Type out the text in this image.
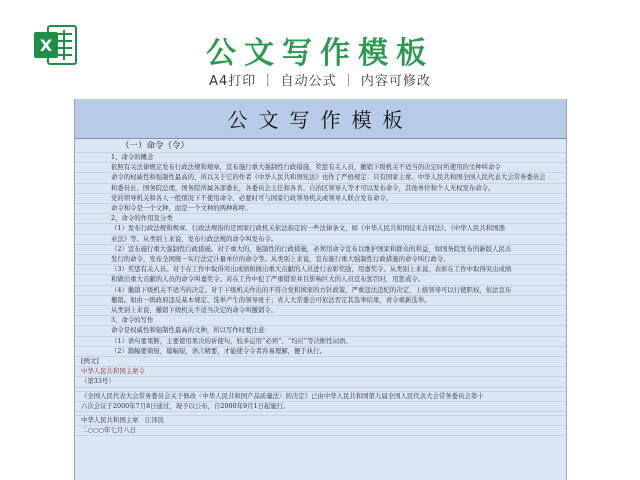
X	公文写作模板
A4打印 ｜ 自动公式 ｜ 内容可修改
公文写作模板
（一）命令（令）
1、命令的概念
依照有关法律规定发布行政法规和规章，宣布施行重大强制性行政措施，奖惩有关人员，撤销下级机关不适当的决定时所使用的文种叫命令
命令的权威性和强制性最高的，所以关于它的作者《中华人民共和国宪法》也作了严格规定：只有国家主席、中华人民共和国全国人民代表大会常务委员会
和委员长、国务院总理，国务院所属各部委长，各委员会主任和各省、自治区领导人等才可以发布命令，其他单位和个人无权发布命令。
党的领导机关和各人一般情况下不使用命令，必要时可与国家行政领导机关或领导人联合发布命令。
命令和令是一个文种，而是一个文种的两种称呼。
2、命令的作用及分类
（1）发布行政法规和规章。行政法规指的是国家行政机关依法指定的一些法律条文，如《中华人民共和国技术合同法》、《中华人民共和国渔
业法》等。从类别上来说，发布行政法规的命令叫发布令。
（2）宣布施行重大强制性行政措施。对于重大的，强制性的行政措施，必须用命令宣布以维护国家和群众的利益，如国务院发布的新版人民币
发行的命令，发布全国统一实行法定计量单位的命令等。从类别上来说，宣布施行重大强制性行政措施的命令叫行政令。
（3）奖惩有关人员。对于在工作中取得突出成绩和做出重大贡献的人员进行表彰奖励，用嘉奖令。从类别上来说，表彰在工作中取得突出成绩
和做出重大贡献的人员的命令叫嘉奖令。对在工作中犯了严重错误并且影响巨大的人员宣布惩罚时，用惩戒令。
（4）撤销下级机关不适当的决定。对于下级机关作出的不符合党和国家的方针政策、严重违法违纪的决定，上级领导可以行使职权，依法宣布
撤销。如由一级政府违反基本规定、选举产生的领导班子；省人大常委会可依法否定其选举结果，责令重新选举。
从类别上来说，撤销下级机关不适当决定的命令叫撤销令。
3、命令的写作
命令是权威性和强制性最高的文种，所以写作时要注意：
（1）语句要果断，主要使用果决的祈使句，较多运用“必须”、“均应”等决断性词语。
（2）篇幅要简短，篇幅短，语言精要，才能使令令者容易理解，便于执行。
[例文]
中华人民共和国主席令
（第33号）
《全国人民代表大会常务委员会关于修改〈中华人民共和国产品质量法〉的决定》已由中华人民共和国第九届全国人民代表大会常务委员会第十
六次会议于2000年7月8日通过，现予以公布，自2000年9月1日起施行。
中华人民共和国主席　江泽民
二○○○年七月八日
